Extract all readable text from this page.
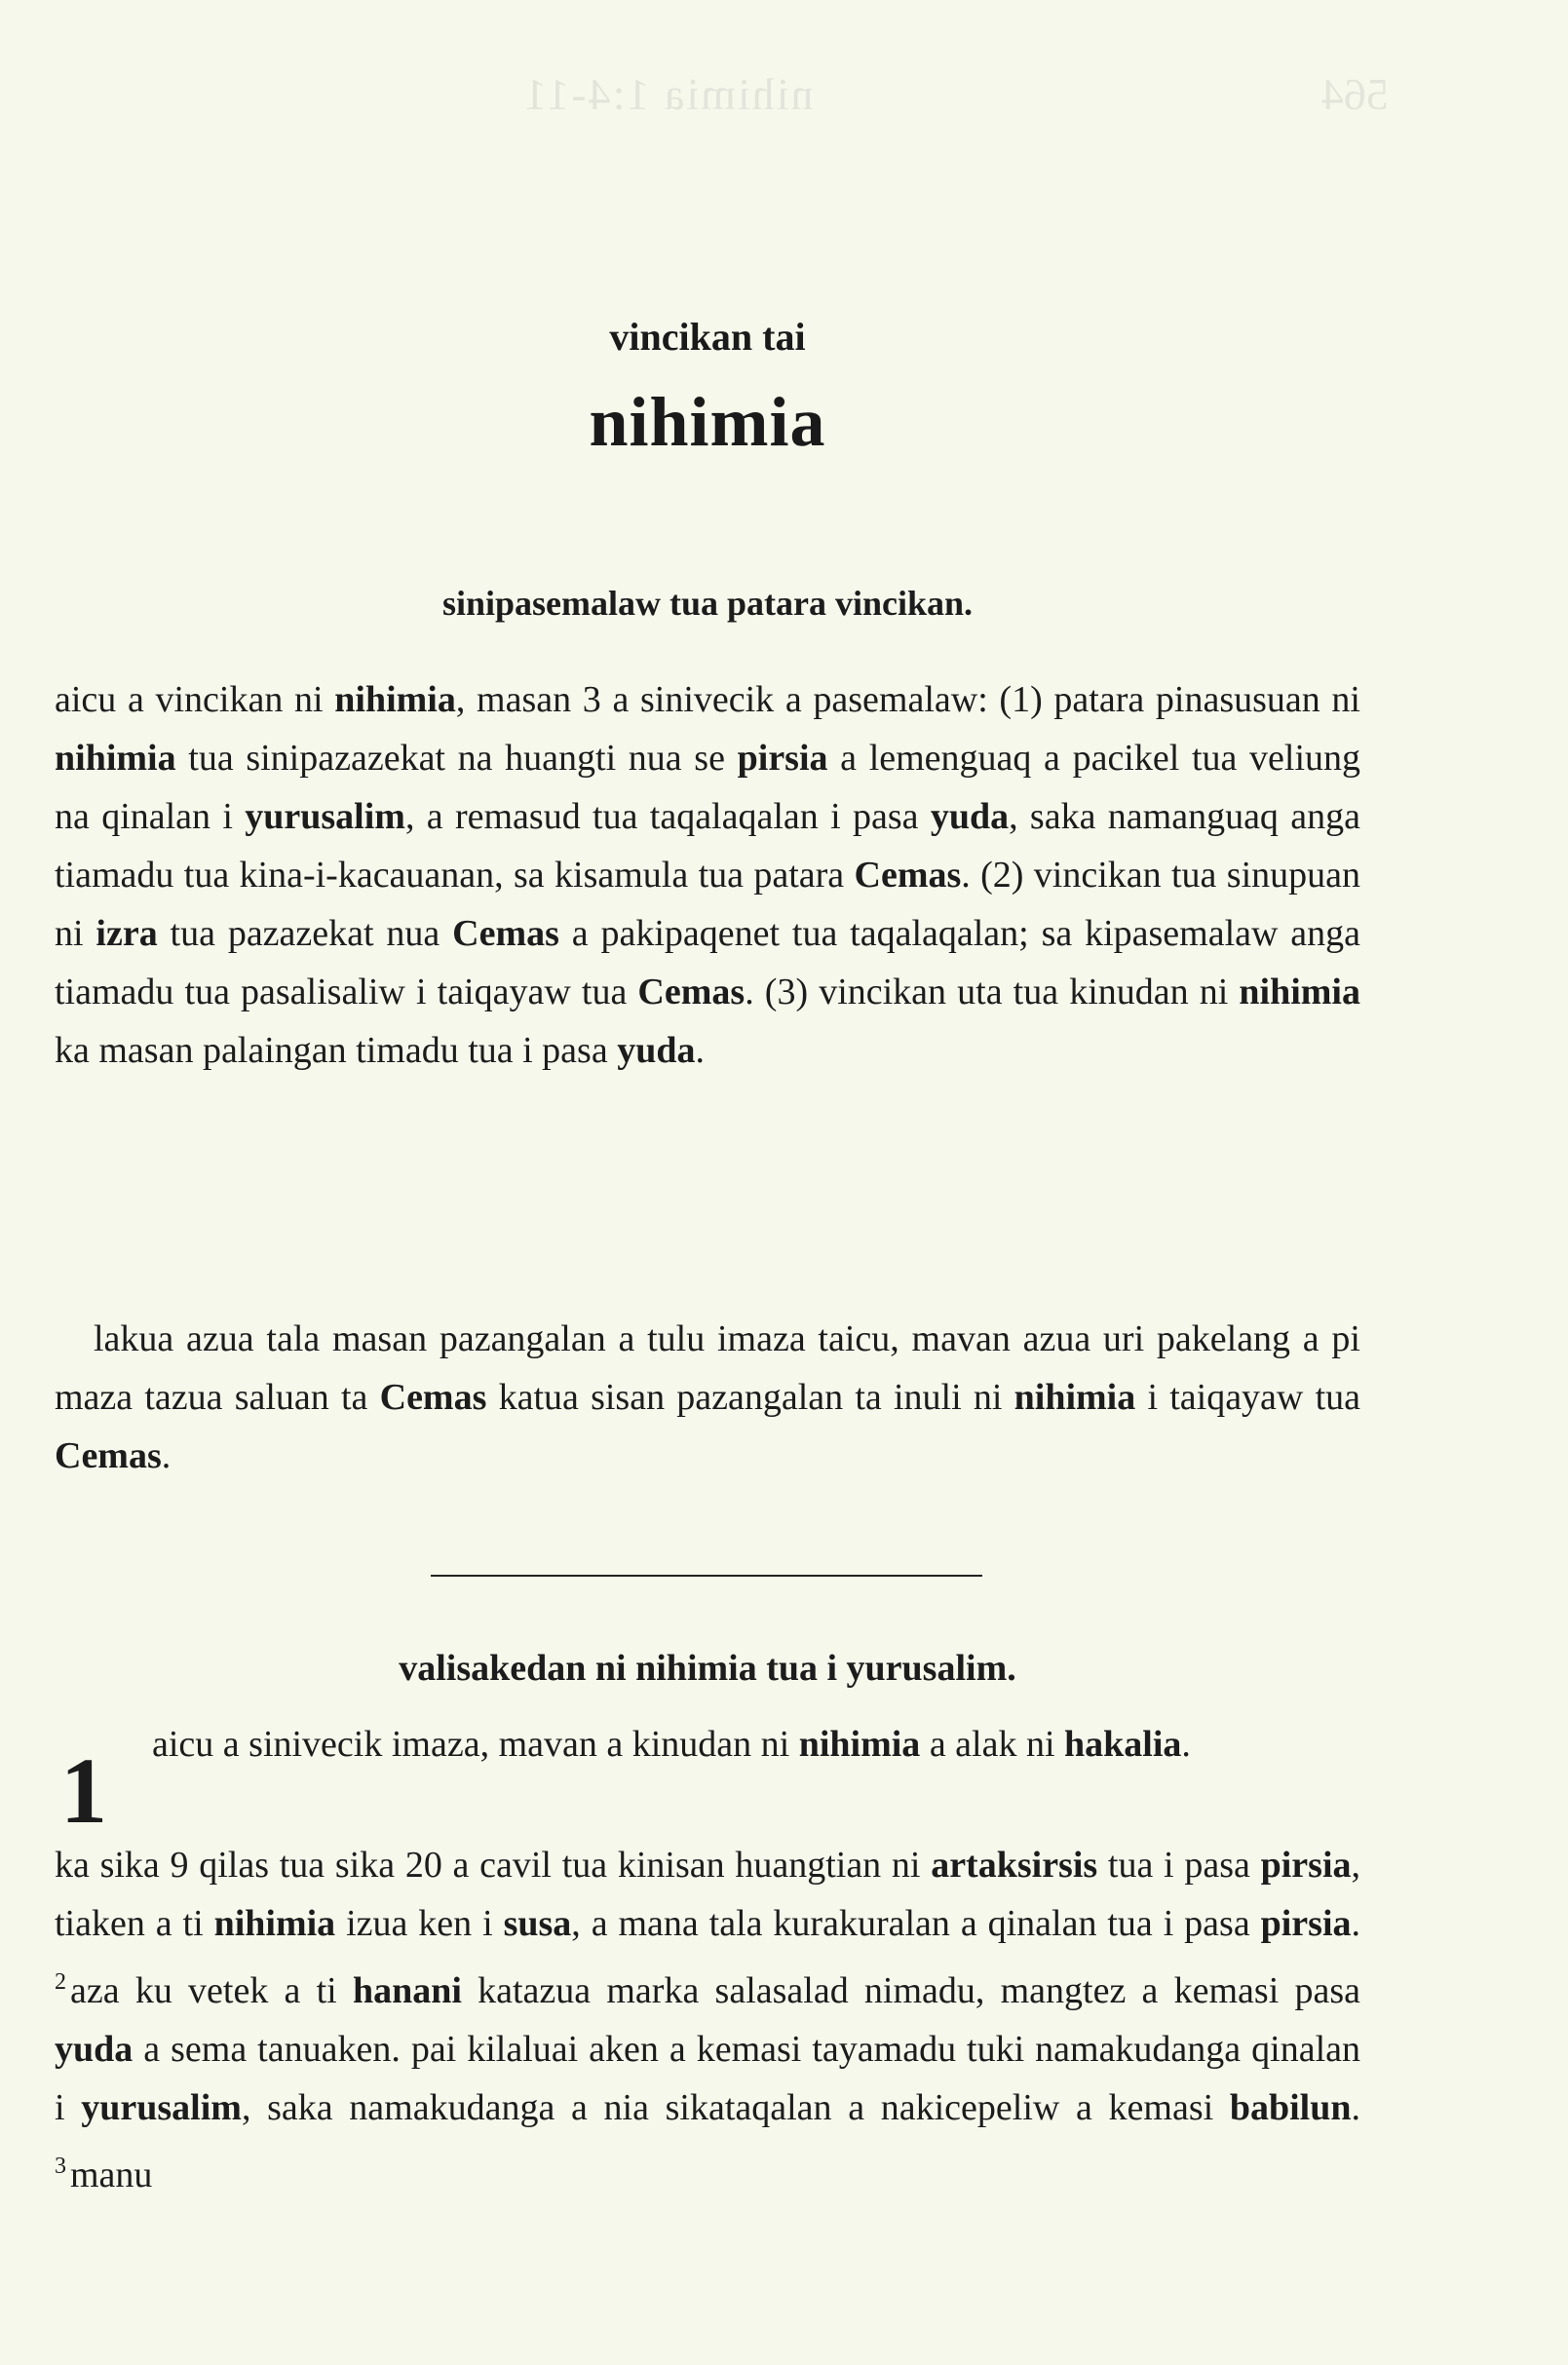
nihimia 1:4-11	564
vincikan tai
nihimia
sinipasemalaw tua patara vincikan.
aicu a vincikan ni nihimia, masan 3 a sinivecik a pasemalaw: (1) patara pinasusuan ni nihimia tua sinipazazekat na huangti nua se pirsia a lemenguaq a pacikel tua veliung na qinalan i yurusalim, a remasud tua taqalaqalan i pasa yuda, saka namanguaq anga tiamadu tua kina-i-kacauanan, sa kisamula tua patara Cemas. (2) vincikan tua sinupuan ni izra tua pazazekat nua Cemas a pakipaqenet tua taqalaqalan; sa kipasemalaw anga tiamadu tua pasalisaliw i taiqayaw tua Cemas. (3) vincikan uta tua kinudan ni nihimia ka masan palaingan timadu tua i pasa yuda.
lakua azua tala masan pazangalan a tulu imaza taicu, mavan azua uri pakelang a pi maza tazua saluan ta Cemas katua sisan pazangalan ta inuli ni nihimia i taiqayaw tua Cemas.
valisakedan ni nihimia tua i yurusalim.
1 aicu a sinivecik imaza, mavan a kinudan ni nihimia a alak ni hakalia.
ka sika 9 qilas tua sika 20 a cavil tua kinisan huangtian ni artaksirsis tua i pasa pirsia, tiaken a ti nihimia izua ken i susa, a mana tala kurakuralan a qinalan tua i pasa pirsia. $^2$ aza ku vetek a ti hanani katazua marka salasalad nimadu, mangtez a kemasi pasa yuda a sema tanuaken. pai kilaluai aken a kemasi tayamadu tuki namakudanga qinalan i yurusalim, saka namakudanga a nia sikataqalan a nakicepeliw a kemasi babilun. $^3$ manu
